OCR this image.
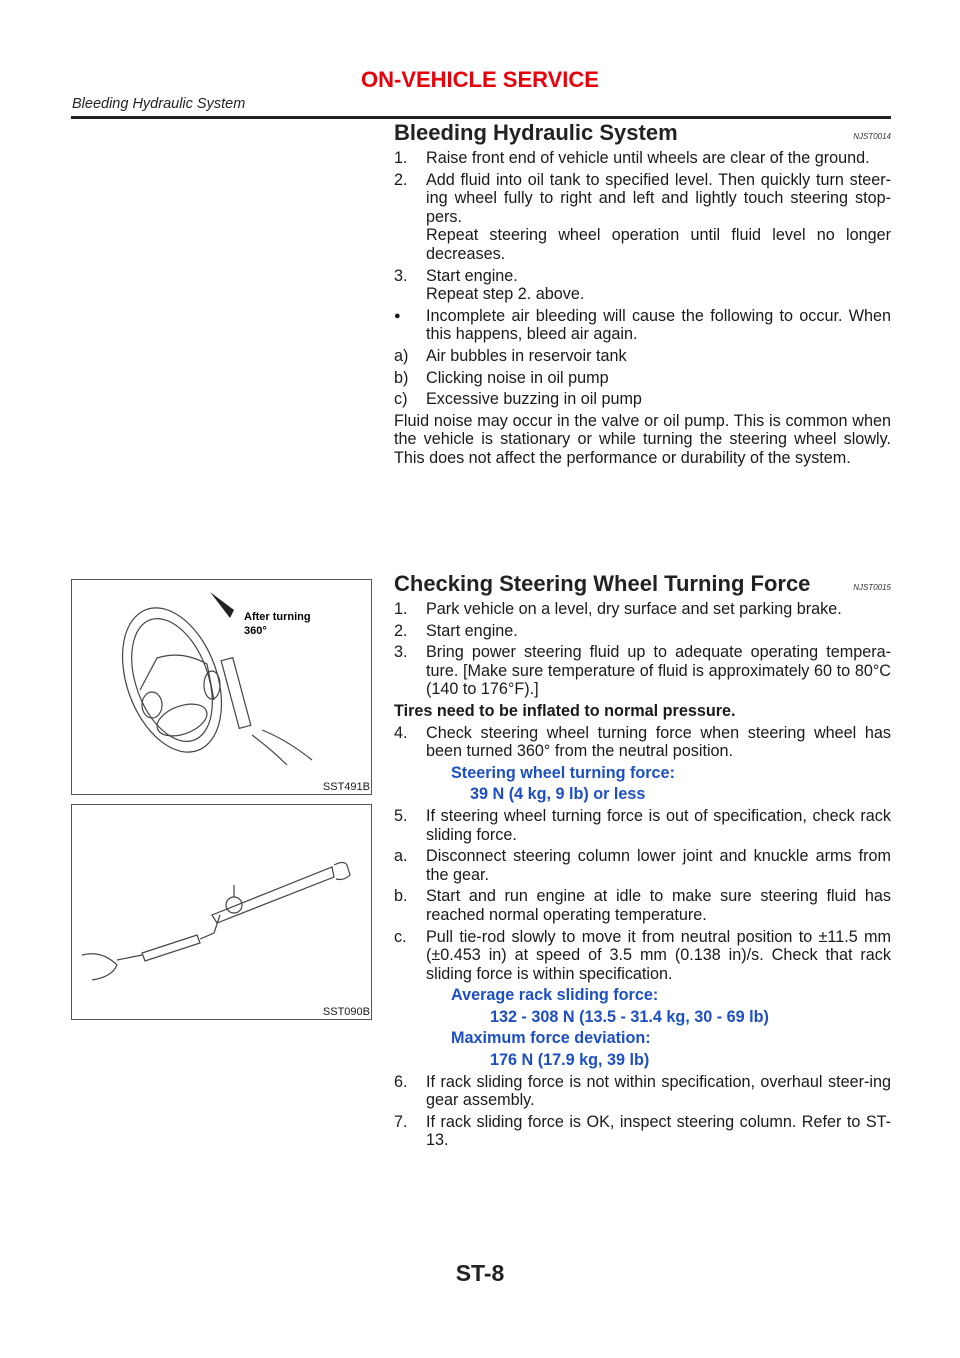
ON-VEHICLE SERVICE
Bleeding Hydraulic System
Bleeding Hydraulic System	NJST0014
1.	Raise front end of vehicle until wheels are clear of the ground.
2.	Add fluid into oil tank to specified level. Then quickly turn steer-ing wheel fully to right and left and lightly touch steering stop-pers.
Repeat steering wheel operation until fluid level no longer decreases.
3.	Start engine.
Repeat step 2. above.
●	Incomplete air bleeding will cause the following to occur. When this happens, bleed air again.
a)	Air bubbles in reservoir tank
b)	Clicking noise in oil pump
c)	Excessive buzzing in oil pump
Fluid noise may occur in the valve or oil pump. This is common when the vehicle is stationary or while turning the steering wheel slowly. This does not affect the performance or durability of the system.
Checking Steering Wheel Turning Force	NJST0015
1.	Park vehicle on a level, dry surface and set parking brake.
2.	Start engine.
3.	Bring power steering fluid up to adequate operating tempera-ture. [Make sure temperature of fluid is approximately 60 to 80°C (140 to 176°F).]
Tires need to be inflated to normal pressure.
4.	Check steering wheel turning force when steering wheel has been turned 360° from the neutral position.
Steering wheel turning force:
39 N (4 kg, 9 lb) or less
5.	If steering wheel turning force is out of specification, check rack sliding force.
a.	Disconnect steering column lower joint and knuckle arms from the gear.
b.	Start and run engine at idle to make sure steering fluid has reached normal operating temperature.
c.	Pull tie-rod slowly to move it from neutral position to ±11.5 mm (±0.453 in) at speed of 3.5 mm (0.138 in)/s. Check that rack sliding force is within specification.
Average rack sliding force:
132 - 308 N (13.5 - 31.4 kg, 30 - 69 lb)
Maximum force deviation:
176 N (17.9 kg, 39 lb)
6.	If rack sliding force is not within specification, overhaul steer-ing gear assembly.
7.	If rack sliding force is OK, inspect steering column. Refer to ST-13.
After turning
360°
SST491B
SST090B
ST-8
